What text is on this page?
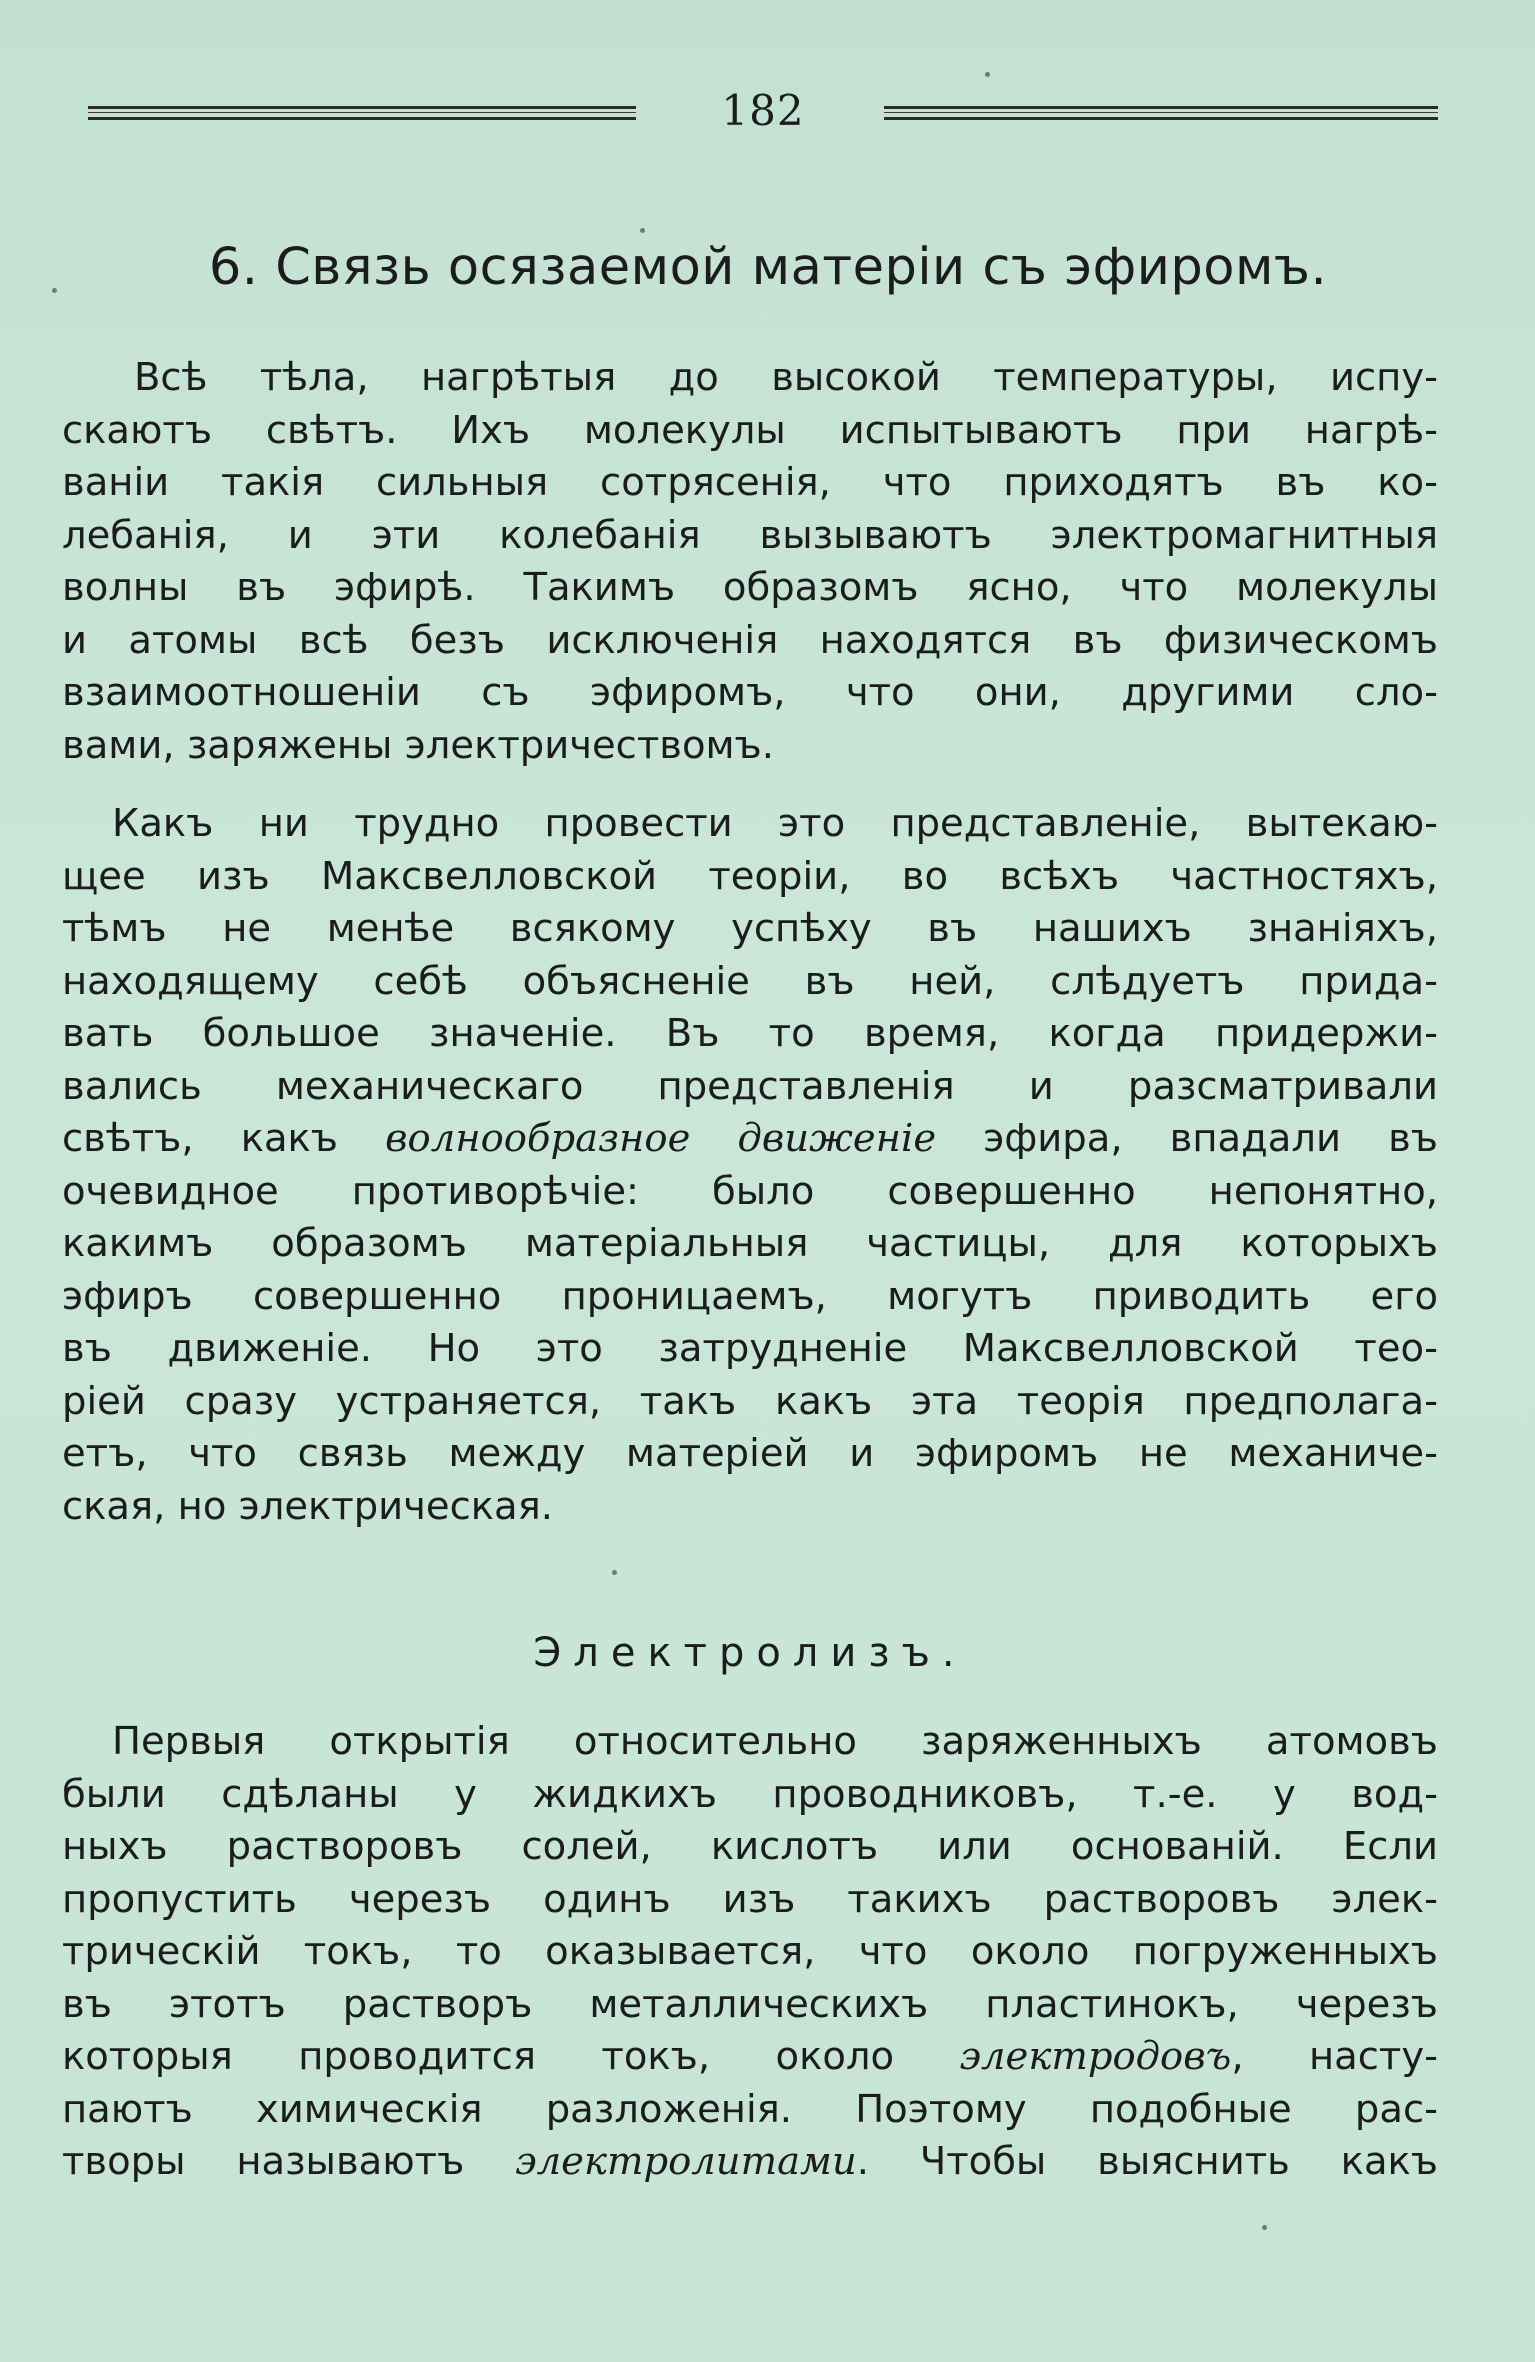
182
6. Связь осязаемой матеріи съ эфиромъ.
Всѣ тѣла, нагрѣтыя до высокой температуры, испу-
скаютъ свѣтъ. Ихъ молекулы испытываютъ при нагрѣ-
ваніи такія сильныя сотрясенія, что приходятъ въ ко-
лебанія, и эти колебанія вызываютъ электромагнитныя
волны въ эфирѣ. Такимъ образомъ ясно, что молекулы
и атомы всѣ безъ исключенія находятся въ физическомъ
взаимоотношеніи съ эфиромъ, что они, другими сло-
вами, заряжены электричествомъ.
Какъ ни трудно провести это представленіе, вытекаю-
щее изъ Максвелловской теоріи, во всѣхъ частностяхъ,
тѣмъ не менѣе всякому успѣху въ нашихъ знаніяхъ,
находящему себѣ объясненіе въ ней, слѣдуетъ прида-
вать большое значеніе. Въ то время, когда придержи-
вались механическаго представленія и разсматривали
свѣтъ, какъ волнообразное движеніе эфира, впадали въ
очевидное противорѣчіе: было совершенно непонятно,
какимъ образомъ матеріальныя частицы, для которыхъ
эфиръ совершенно проницаемъ, могутъ приводить его
въ движеніе. Но это затрудненіе Максвелловской тео-
ріей сразу устраняется, такъ какъ эта теорія предполага-
етъ, что связь между матеріей и эфиромъ не механиче-
ская, но электрическая.
Электролизъ.
Первыя открытія относительно заряженныхъ атомовъ
были сдѣланы у жидкихъ проводниковъ, т.-е. у вод-
ныхъ растворовъ солей, кислотъ или основаній. Если
пропустить черезъ одинъ изъ такихъ растворовъ элек-
трическій токъ, то оказывается, что около погруженныхъ
въ этотъ растворъ металлическихъ пластинокъ, черезъ
которыя проводится токъ, около электродовъ, насту-
паютъ химическія разложенія. Поэтому подобные рас-
творы называютъ электролитами. Чтобы выяснить какъ
